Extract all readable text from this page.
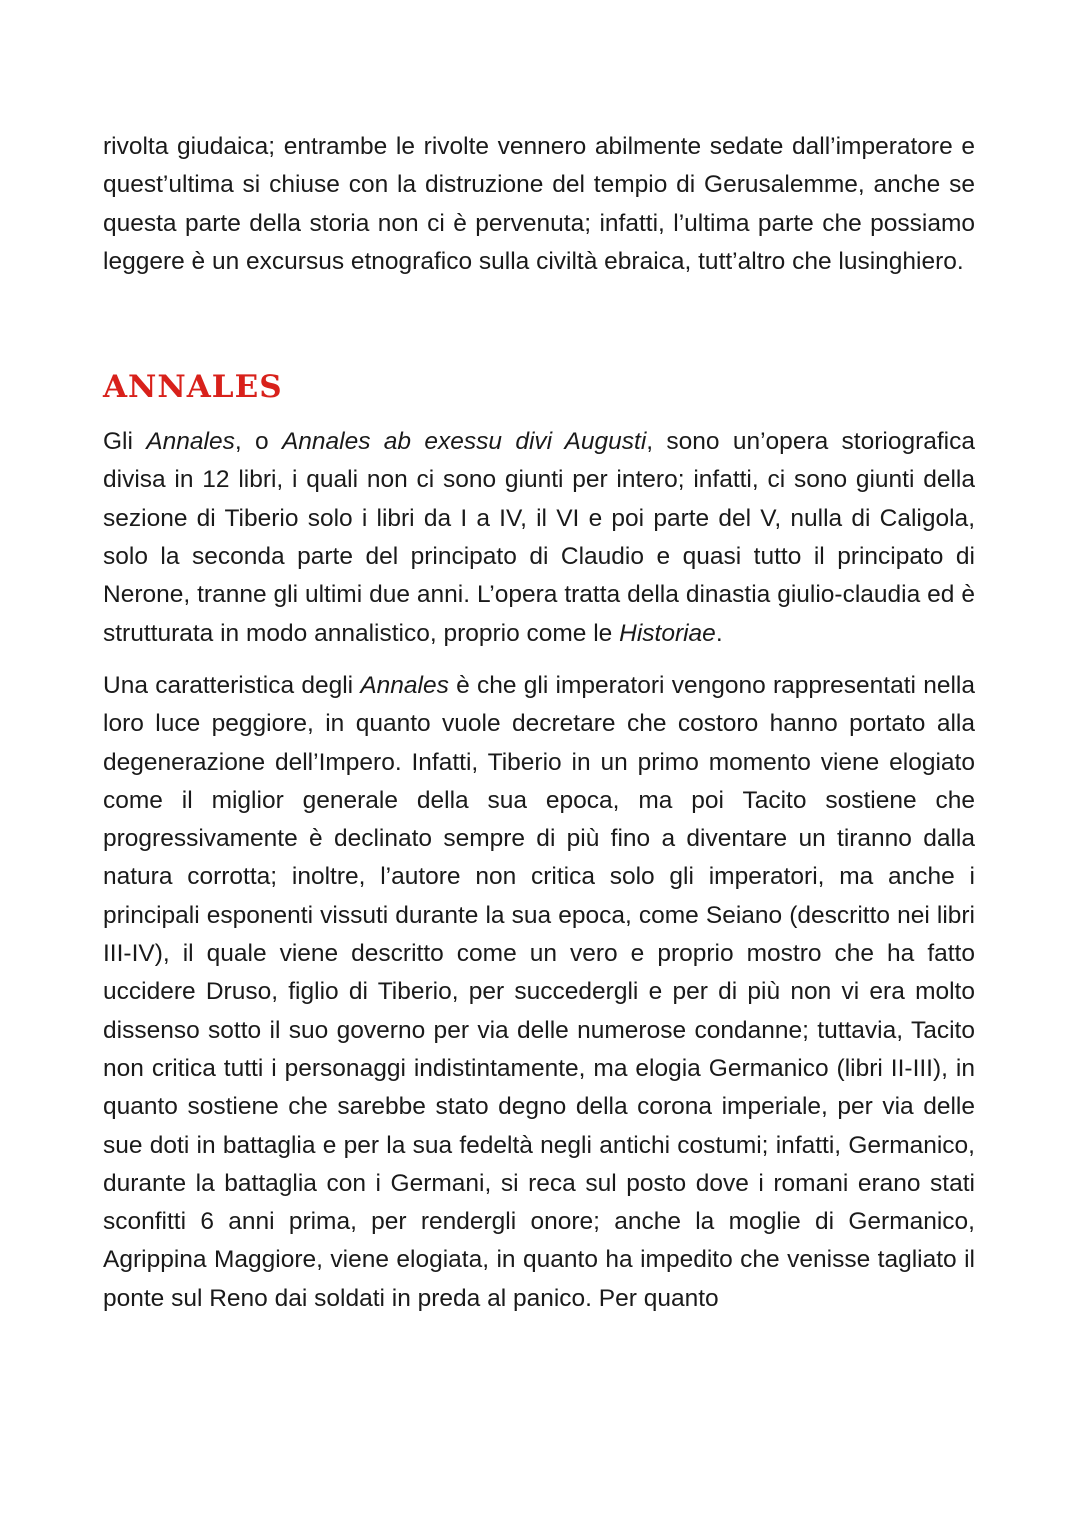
rivolta giudaica; entrambe le rivolte vennero abilmente sedate dall’imperatore e quest’ultima si chiuse con la distruzione del tempio di Gerusalemme, anche se questa parte della storia non ci è pervenuta; infatti, l’ultima parte che possiamo leggere è un excursus etnografico sulla civiltà ebraica, tutt’altro che lusinghiero.

ANNALES

Gli Annales, o Annales ab exessu divi Augusti, sono un’opera storiografica divisa in 12 libri, i quali non ci sono giunti per intero; infatti, ci sono giunti della sezione di Tiberio solo i libri da I a IV, il VI e poi parte del V, nulla di Caligola, solo la seconda parte del principato di Claudio e quasi tutto il principato di Nerone, tranne gli ultimi due anni. L’opera tratta della dinastia giulio-claudia ed è strutturata in modo annalistico, proprio come le Historiae.

Una caratteristica degli Annales è che gli imperatori vengono rappresentati nella loro luce peggiore, in quanto vuole decretare che costoro hanno portato alla degenerazione dell’Impero. Infatti, Tiberio in un primo momento viene elogiato come il miglior generale della sua epoca, ma poi Tacito sostiene che progressivamente è declinato sempre di più fino a diventare un tiranno dalla natura corrotta; inoltre, l’autore non critica solo gli imperatori, ma anche i principali esponenti vissuti durante la sua epoca, come Seiano (descritto nei libri III-IV), il quale viene descritto come un vero e proprio mostro che ha fatto uccidere Druso, figlio di Tiberio, per succedergli e per di più non vi era molto dissenso sotto il suo governo per via delle numerose condanne; tuttavia, Tacito non critica tutti i personaggi indistintamente, ma elogia Germanico (libri II-III), in quanto sostiene che sarebbe stato degno della corona imperiale, per via delle sue doti in battaglia e per la sua fedeltà negli antichi costumi; infatti, Germanico, durante la battaglia con i Germani, si reca sul posto dove i romani erano stati sconfitti 6 anni prima, per rendergli onore; anche la moglie di Germanico, Agrippina Maggiore, viene elogiata, in quanto ha impedito che venisse tagliato il ponte sul Reno dai soldati in preda al panico. Per quanto
